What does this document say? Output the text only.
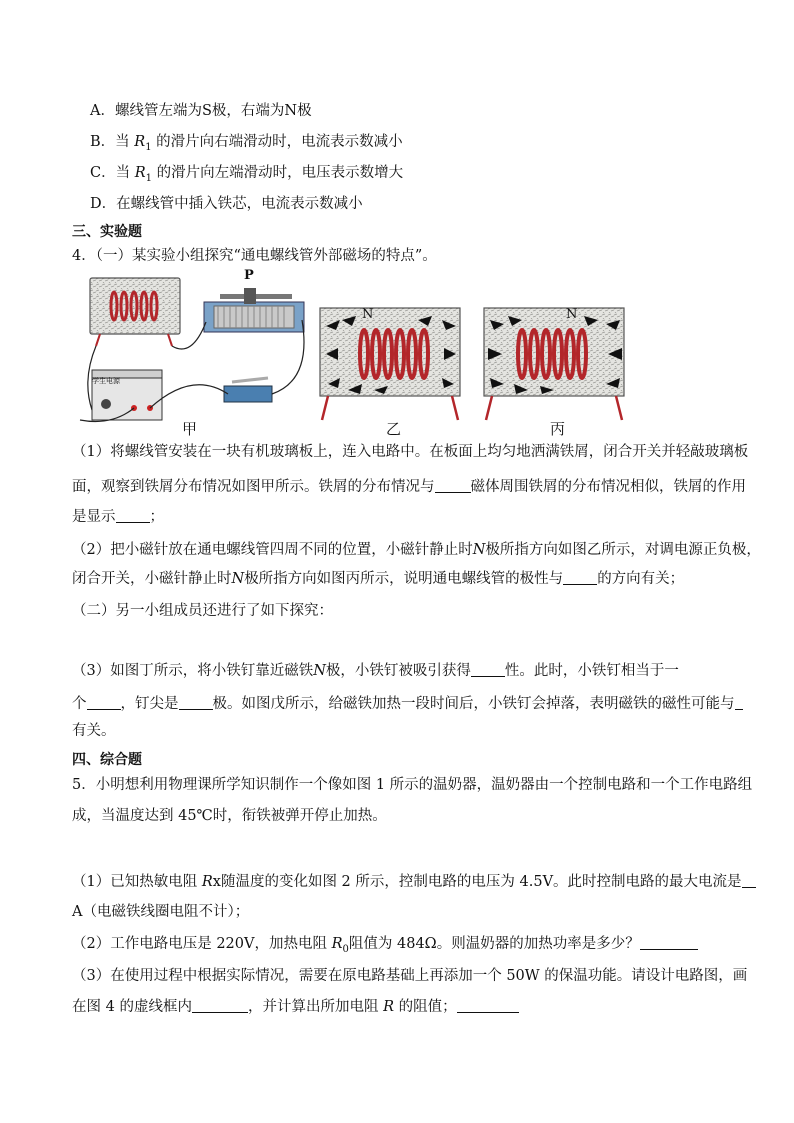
A．螺线管左端为S极，右端为N极
B．当 $R_1$ 的滑片向右端滑动时，电流表示数减小
C．当 $R_1$ 的滑片向左端滑动时，电压表示数增大
D．在螺线管中插入铁芯，电流表示数减小
三、实验题
4．（一）某实验小组探究“通电螺线管外部磁场的特点”。
P
学生电源
甲
N
乙
N
丙
（1）将螺线管安装在一块有机玻璃板上，连入电路中。在板面上均匀地洒满铁屑，闭合开关并轻敲玻璃板
面，观察到铁屑分布情况如图甲所示。铁屑的分布情况与 磁体周围铁屑的分布情况相似，铁屑的作用
是显示 ；
（2）把小磁针放在通电螺线管四周不同的位置，小磁针静止时N极所指方向如图乙所示，对调电源正负极，
闭合开关，小磁针静止时N极所指方向如图丙所示，说明通电螺线管的极性与 的方向有关；
（二）另一小组成员还进行了如下探究：
（3）如图丁所示，将小铁钉靠近磁铁N极，小铁钉被吸引获得 性。此时，小铁钉相当于一
个 ，钉尖是 极。如图戊所示，给磁铁加热一段时间后，小铁钉会掉落，表明磁铁的磁性可能与
有关。
四、综合题
5．小明想利用物理课所学知识制作一个像如图 1 所示的温奶器，温奶器由一个控制电路和一个工作电路组
成，当温度达到 45℃时，衔铁被弹开停止加热。
（1）已知热敏电阻 Rx随温度的变化如图 2 所示，控制电路的电压为 4.5V。此时控制电路的最大电流是
A（电磁铁线圈电阻不计）；
（2）工作电路电压是 220V，加热电阻 $R_0$阻值为 484Ω。则温奶器的加热功率是多少？
（3）在使用过程中根据实际情况，需要在原电路基础上再添加一个 50W 的保温功能。请设计电路图，画
在图 4 的虚线框内	，并计算出所加电阻 R 的阻值；
